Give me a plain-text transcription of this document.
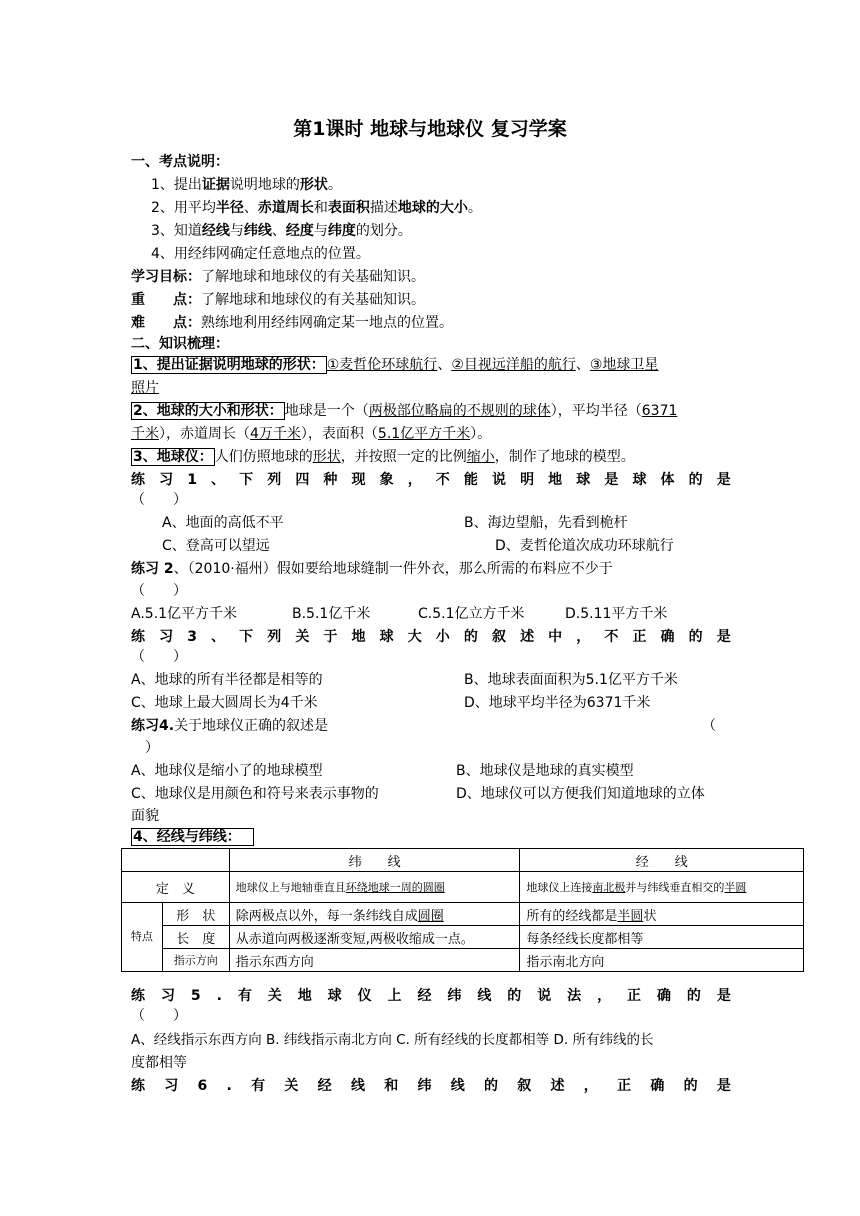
第1课时 地球与地球仪 复习学案
一、考点说明：
1、提出证据说明地球的形状。
2、用平均半径、赤道周长和表面积描述地球的大小。
3、知道经线与纬线、经度与纬度的划分。
4、用经纬网确定任意地点的位置。
学习目标：了解地球和地球仪的有关基础知识。
重　　点：了解地球和地球仪的有关基础知识。
难　　点：熟练地利用经纬网确定某一地点的位置。
二、知识梳理：
1、提出证据说明地球的形状： ①麦哲伦环球航行、②目视远洋船的航行、③地球卫星
照片
2、地球的大小和形状： 地球是一个（两极部位略扁的不规则的球体），平均半径（6371
千米），赤道周长（4万千米），表面积（5.1亿平方千米）。
3、地球仪： 人们仿照地球的形状，并按照一定的比例缩小，制作了地球的模型。
练 习 1 、 下 列 四 种 现 象 ， 不 能 说 明 地 球 是 球 体 的 是
（　　）
A、地面的高低不平	B、海边望船，先看到桅杆
C、登高可以望远	D、麦哲伦道次成功环球航行
练习 2、（2010·福州）假如要给地球缝制一件外衣，那么所需的布料应不少于
（　　）
A.5.1亿平方千米	B.5.1亿千米	C.5.1亿立方千米	D.5.11平方千米
练 习 3 、 下 列 关 于 地 球 大 小 的 叙 述 中 ， 不 正 确 的 是
（　　）
A、地球的所有半径都是相等的	B、地球表面面积为5.1亿平方千米
C、地球上最大圆周长为4千米	D、地球平均半径为6371千米
练习4.关于地球仪正确的叙述是	（
）
A、地球仪是缩小了的地球模型	B、地球仪是地球的真实模型
C、地球仪是用颜色和符号来表示事物的	D、地球仪可以方便我们知道地球的立体
面貌
4、经线与纬线：
		纬　　线	经　　线
定　义		地球仪上与地轴垂直且环绕地球一周的圆圈	地球仪上连接南北极并与纬线垂直相交的半圆
特点	形　状	除两极点以外，每一条纬线自成圆圈	所有的经线都是半圆状
	长　度	从赤道向两极逐渐变短,两极收缩成一点。	每条经线长度都相等
	指示方向	指示东西方向	指示南北方向
练 习 5 . 有 关 地 球 仪 上 经 纬 线 的 说 法 ， 正 确 的 是
（　　）
A、经线指示东西方向 B. 纬线指示南北方向 C. 所有经线的长度都相等 D. 所有纬线的长
度都相等
练 习 6 . 有 关 经 线 和 纬 线 的 叙 述 ， 正 确 的 是
